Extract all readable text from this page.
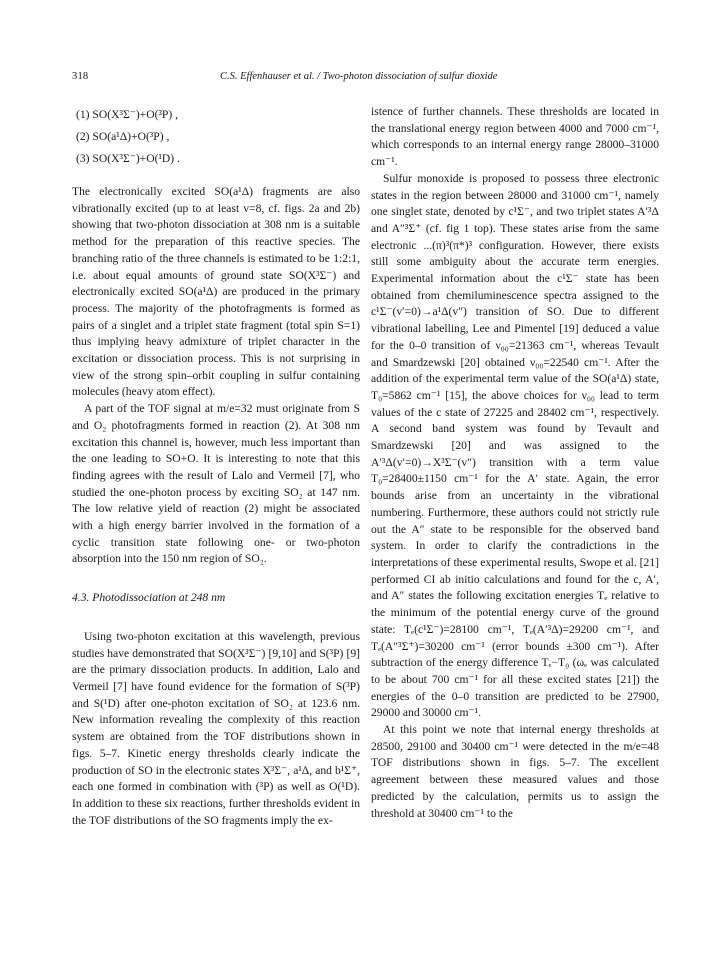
318	C.S. Effenhauser et al. / Two-photon dissociation of sulfur dioxide
(1) SO(X³Σ⁻)+O(³P) ,
(2) SO(a¹Δ)+O(³P) ,
(3) SO(X³Σ⁻)+O(¹D) .

The electronically excited SO(a¹Δ) fragments are also vibrationally excited (up to at least v=8, cf. figs. 2a and 2b) showing that two-photon dissociation at 308 nm is a suitable method for the preparation of this reactive species. The branching ratio of the three channels is estimated to be 1:2:1, i.e. about equal amounts of ground state SO(X³Σ⁻) and electronically excited SO(a¹Δ) are produced in the primary process. The majority of the photofragments is formed as pairs of a singlet and a triplet state fragment (total spin S=1) thus implying heavy admixture of triplet character in the excitation or dissociation process. This is not surprising in view of the strong spin–orbit coupling in sulfur containing molecules (heavy atom effect).

A part of the TOF signal at m/e=32 must originate from S and O₂ photofragments formed in reaction (2). At 308 nm excitation this channel is, however, much less important than the one leading to SO+O. It is interesting to note that this finding agrees with the result of Lalo and Vermeil [7], who studied the one-photon process by exciting SO₂ at 147 nm. The low relative yield of reaction (2) might be associated with a high energy barrier involved in the formation of a cyclic transition state following one- or two-photon absorption into the 150 nm region of SO₂.

4.3. Photodissociation at 248 nm

Using two-photon excitation at this wavelength, previous studies have demonstrated that SO(X³Σ⁻) [9,10] and S(³P) [9] are the primary dissociation products. In addition, Lalo and Vermeil [7] have found evidence for the formation of S(³P) and S(¹D) after one-photon excitation of SO₂ at 123.6 nm. New information revealing the complexity of this reaction system are obtained from the TOF distributions shown in figs. 5–7. Kinetic energy thresholds clearly indicate the production of SO in the electronic states X³Σ⁻, a¹Δ, and b¹Σ⁺, each one formed in combination with (³P) as well as O(¹D). In addition to these six reactions, further thresholds evident in the TOF distributions of the SO fragments imply the ex-

istence of further channels. These thresholds are located in the translational energy region between 4000 and 7000 cm⁻¹, which corresponds to an internal energy range 28000–31000 cm⁻¹.

Sulfur monoxide is proposed to possess three electronic states in the region between 28000 and 31000 cm⁻¹, namely one singlet state, denoted by c¹Σ⁻, and two triplet states A′³Δ and A″³Σ⁺ (cf. fig 1 top). These states arise from the same electronic ...(π)³(π*)³ configuration. However, there exists still some ambiguity about the accurate term energies. Experimental information about the c¹Σ⁻ state has been obtained from chemiluminescence spectra assigned to the c¹Σ⁻(v′=0)→a¹Δ(v″) transition of SO. Due to different vibrational labelling, Lee and Pimentel [19] deduced a value for the 0–0 transition of ν₀₀=21363 cm⁻¹, whereas Tevault and Smardzewski [20] obtained ν₀₀=22540 cm⁻¹. After the addition of the experimental term value of the SO(a¹Δ) state, T₀=5862 cm⁻¹ [15], the above choices for ν₀₀ lead to term values of the c state of 27225 and 28402 cm⁻¹, respectively. A second band system was found by Tevault and Smardzewski [20] and was assigned to the A′³Δ(v′=0)→X³Σ⁻(v″) transition with a term value T₀=28400±1150 cm⁻¹ for the A′ state. Again, the error bounds arise from an uncertainty in the vibrational numbering. Furthermore, these authors could not strictly rule out the A″ state to be responsible for the observed band system. In order to clarify the contradictions in the interpretations of these experimental results, Swope et al. [21] performed CI ab initio calculations and found for the c, A′, and A″ states the following excitation energies Tₑ relative to the minimum of the potential energy curve of the ground state: Tₑ(c¹Σ⁻)=28100 cm⁻¹, Tₑ(A′³Δ)=29200 cm⁻¹, and Tₑ(A″³Σ⁺)=30200 cm⁻¹ (error bounds ±300 cm⁻¹). After subtraction of the energy difference Tₑ−T₀ (ωₑ was calculated to be about 700 cm⁻¹ for all these excited states [21]) the energies of the 0–0 transition are predicted to be 27900, 29000 and 30000 cm⁻¹.

At this point we note that internal energy thresholds at 28500, 29100 and 30400 cm⁻¹ were detected in the m/e=48 TOF distributions shown in figs. 5–7. The excellent agreement between these measured values and those predicted by the calculation, permits us to assign the threshold at 30400 cm⁻¹ to the
